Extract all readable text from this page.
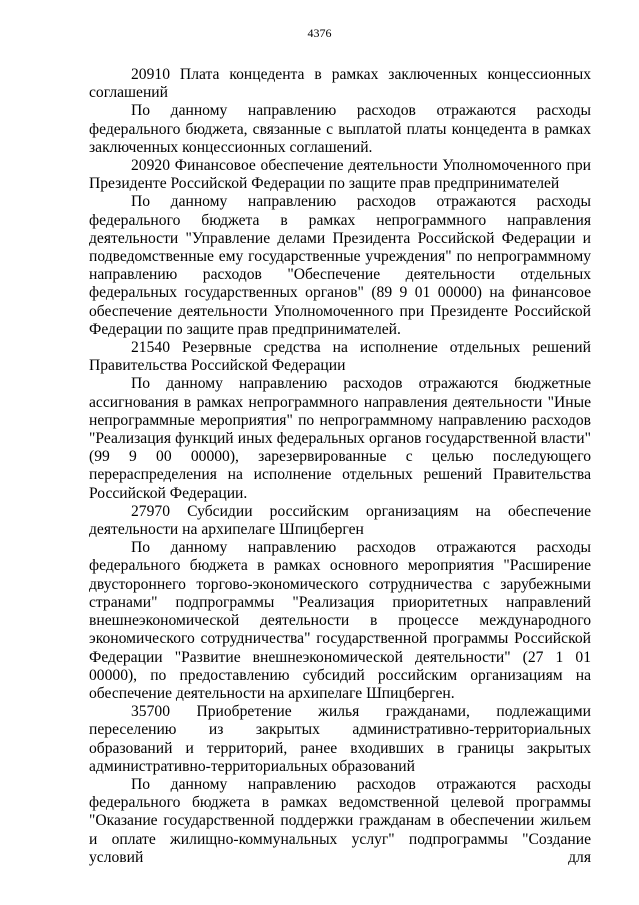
4376

20910 Плата концедента в рамках заключенных концессионных соглашений

По данному направлению расходов отражаются расходы федерального бюджета, связанные с выплатой платы концедента в рамках заключенных концессионных соглашений.

20920 Финансовое обеспечение деятельности Уполномоченного при Президенте Российской Федерации по защите прав предпринимателей

По данному направлению расходов отражаются расходы федерального бюджета в рамках непрограммного направления деятельности "Управление делами Президента Российской Федерации и подведомственные ему государственные учреждения" по непрограммному направлению расходов "Обеспечение деятельности отдельных федеральных государственных органов" (89 9 01 00000) на финансовое обеспечение деятельности Уполномоченного при Президенте Российской Федерации по защите прав предпринимателей.

21540 Резервные средства на исполнение отдельных решений Правительства Российской Федерации

По данному направлению расходов отражаются бюджетные ассигнования в рамках непрограммного направления деятельности "Иные непрограммные мероприятия" по непрограммному направлению расходов "Реализация функций иных федеральных органов государственной власти" (99 9 00 00000), зарезервированные с целью последующего перераспределения на исполнение отдельных решений Правительства Российской Федерации.

27970 Субсидии российским организациям на обеспечение деятельности на архипелаге Шпицберген

По данному направлению расходов отражаются расходы федерального бюджета в рамках основного мероприятия "Расширение двустороннего торгово-экономического сотрудничества с зарубежными странами" подпрограммы "Реализация приоритетных направлений внешнеэкономической деятельности в процессе международного экономического сотрудничества" государственной программы Российской Федерации "Развитие внешнеэкономической деятельности" (27 1 01 00000), по предоставлению субсидий российским организациям на обеспечение деятельности на архипелаге Шпицберген.

35700 Приобретение жилья гражданами, подлежащими переселению из закрытых административно-территориальных образований и территорий, ранее входивших в границы закрытых административно-территориальных образований

По данному направлению расходов отражаются расходы федерального бюджета в рамках ведомственной целевой программы "Оказание государственной поддержки гражданам в обеспечении жильем и оплате жилищно-коммунальных услуг" подпрограммы "Создание условий для
